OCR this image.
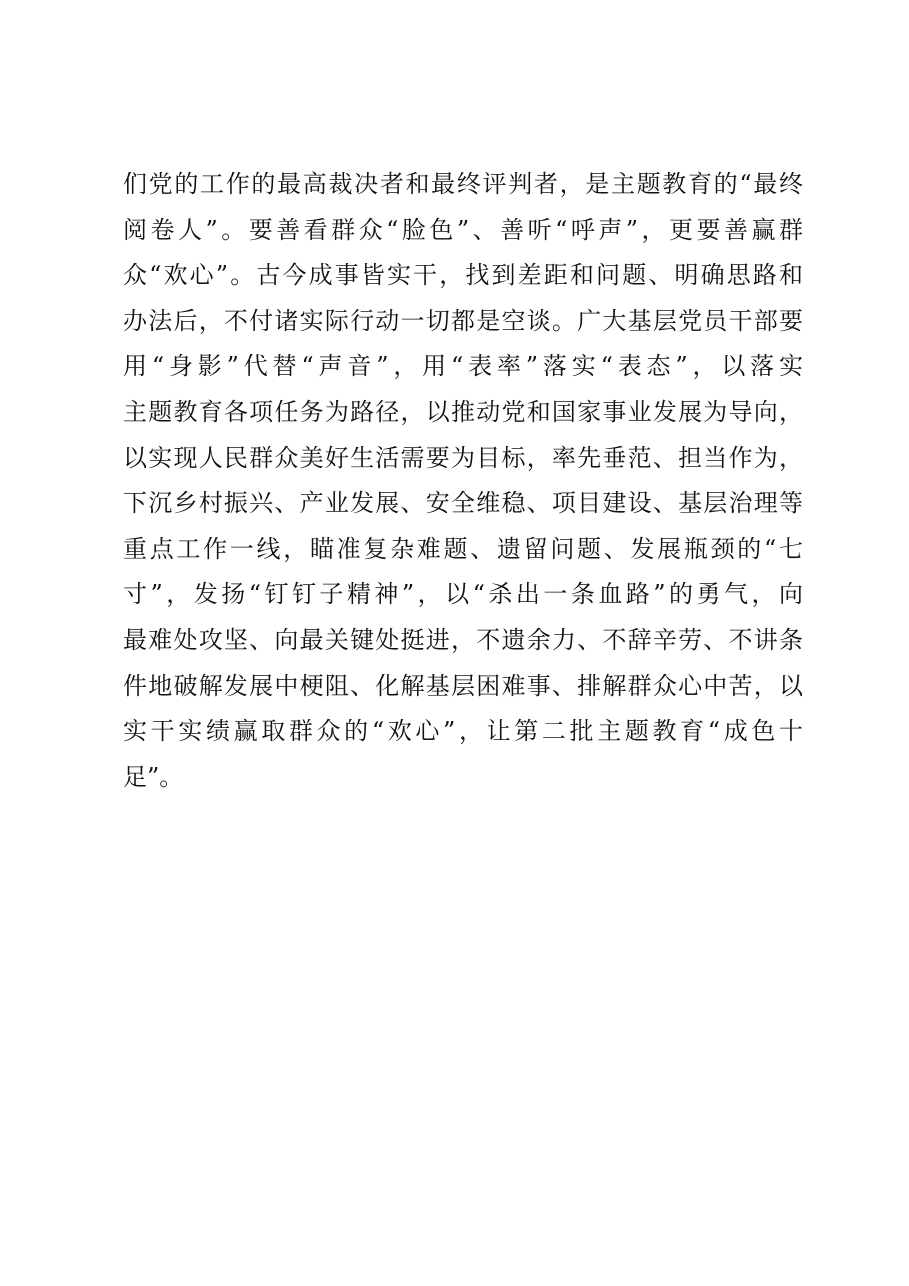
们党的工作的最高裁决者和最终评判者，是主题教育的“最终
阅卷人”。要善看群众“脸色”、善听“呼声”，更要善赢群
众“欢心”。古今成事皆实干，找到差距和问题、明确思路和
办法后，不付诸实际行动一切都是空谈。广大基层党员干部要
用“身影”代替“声音”，用“表率”落实“表态”，以落实
主题教育各项任务为路径，以推动党和国家事业发展为导向，
以实现人民群众美好生活需要为目标，率先垂范、担当作为，
下沉乡村振兴、产业发展、安全维稳、项目建设、基层治理等
重点工作一线，瞄准复杂难题、遗留问题、发展瓶颈的“七
寸”，发扬“钉钉子精神”，以“杀出一条血路”的勇气，向
最难处攻坚、向最关键处挺进，不遗余力、不辞辛劳、不讲条
件地破解发展中梗阻、化解基层困难事、排解群众心中苦，以
实干实绩赢取群众的“欢心”，让第二批主题教育“成色十
足”。
